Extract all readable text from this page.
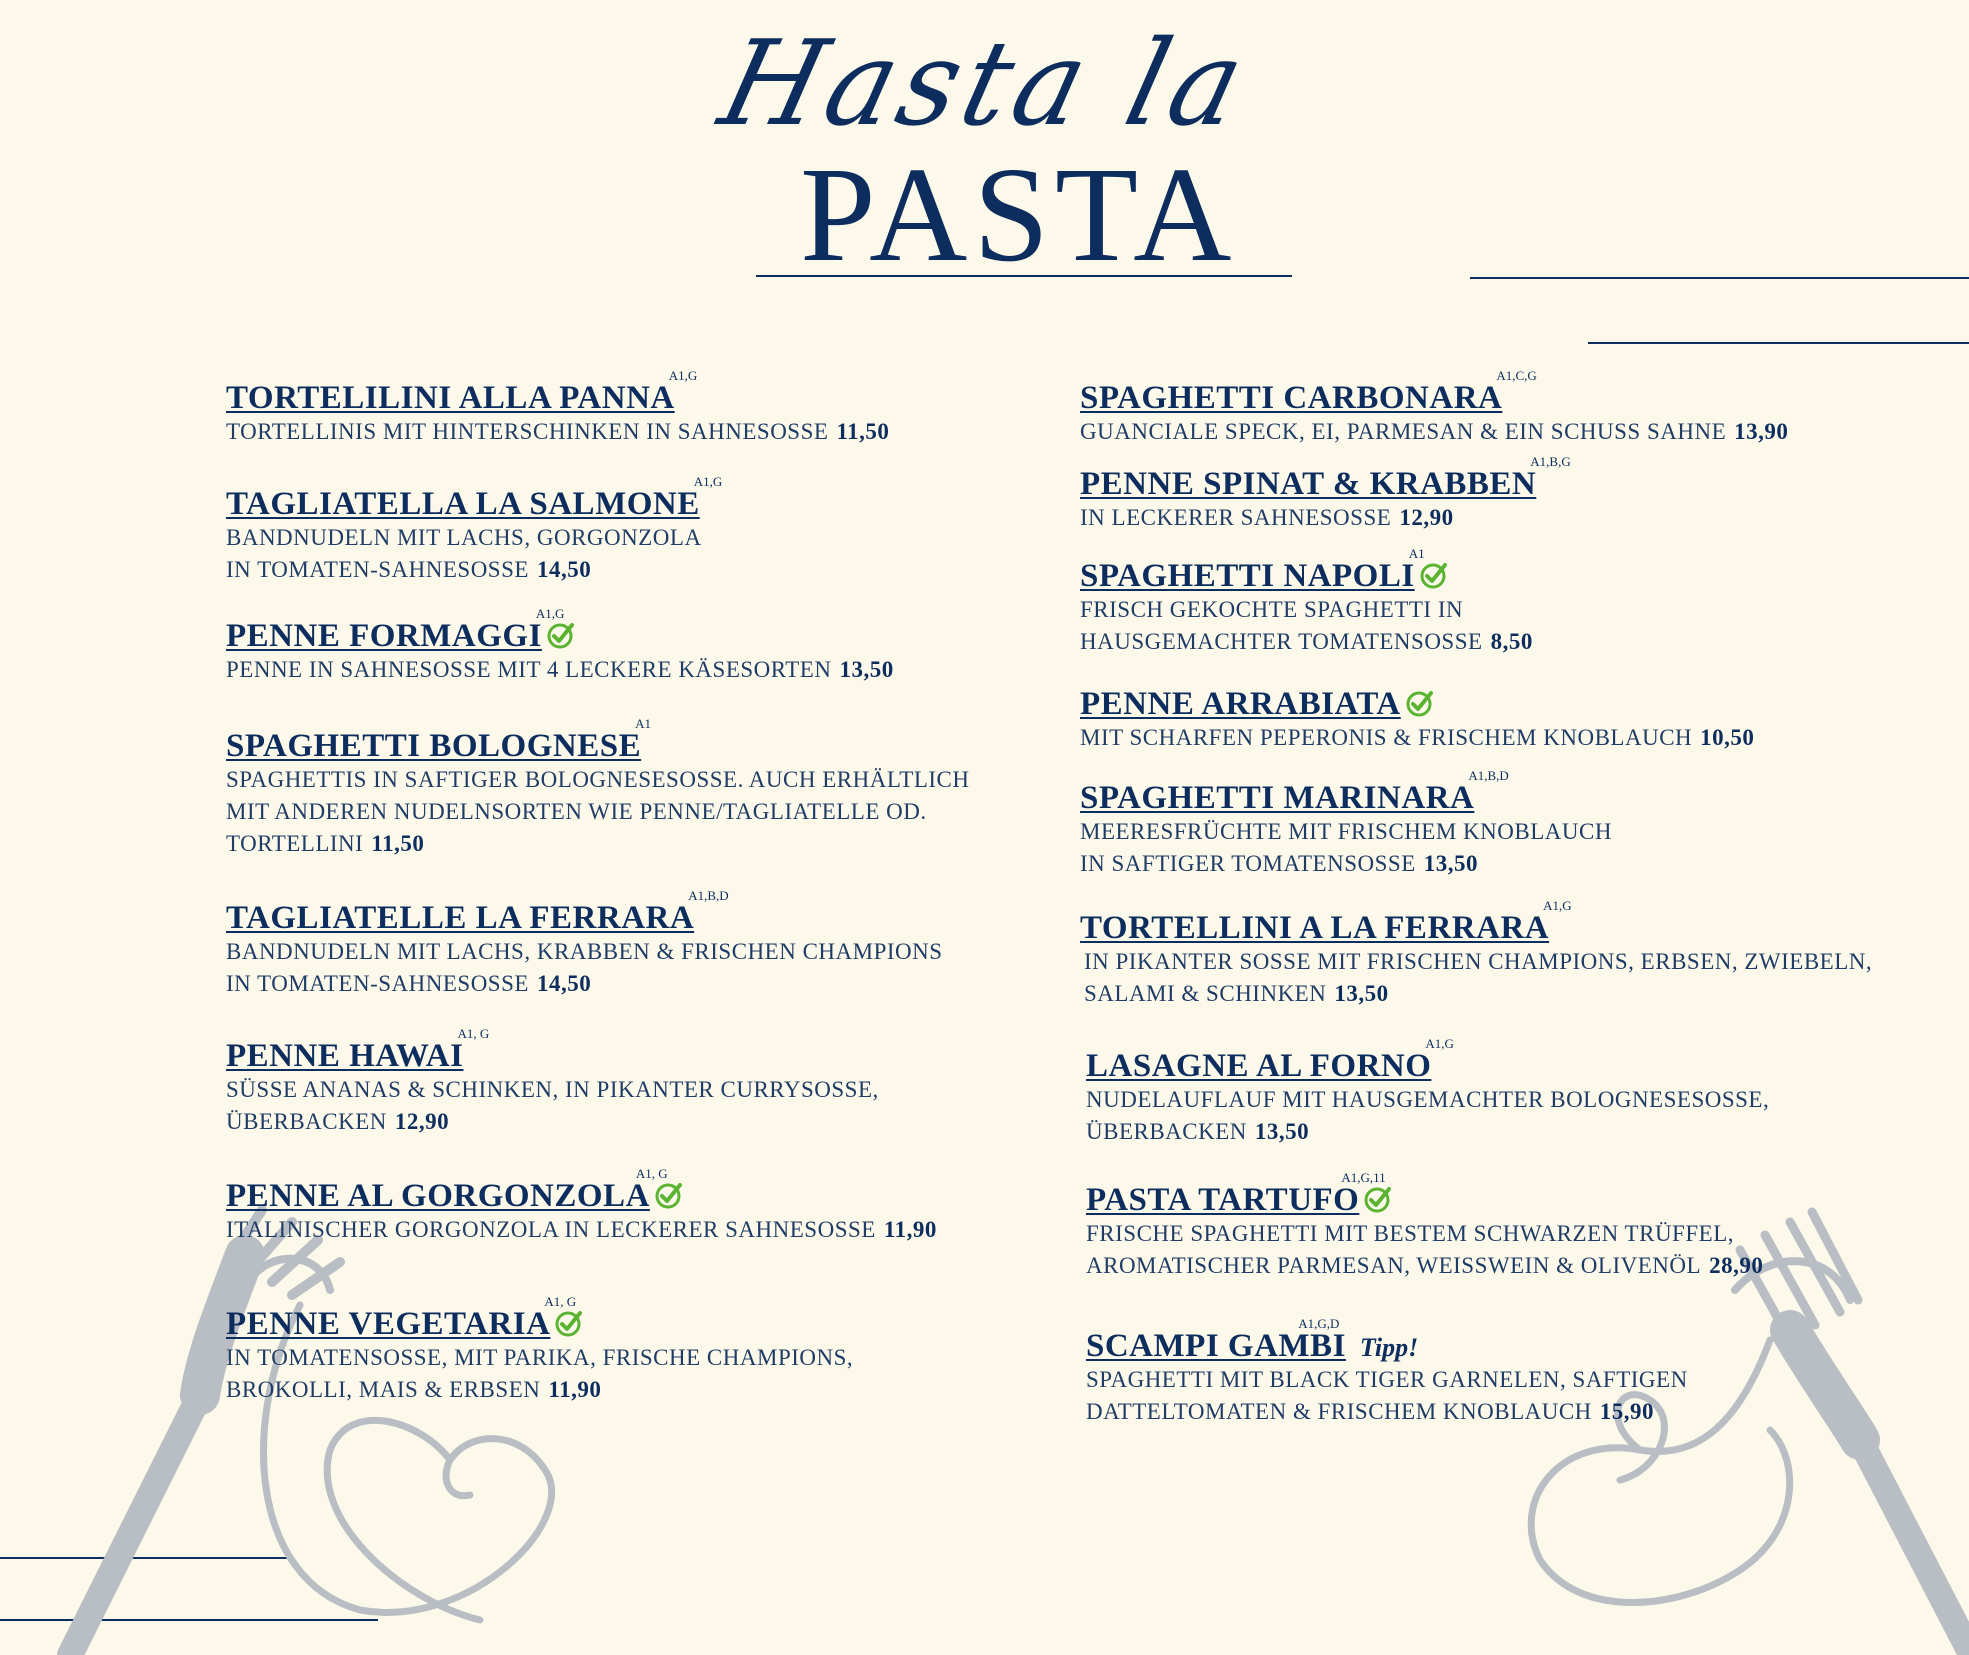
Hasta la
PASTA
TORTELILINI ALLA PANNAA1,G
TORTELLINIS MIT HINTERSCHINKEN IN SAHNESOSSE 11,50
TAGLIATELLA LA SALMONEA1,G
BANDNUDELN MIT LACHS, GORGONZOLA
IN TOMATEN-SAHNESOSSE 14,50
PENNE FORMAGGIA1,G
PENNE IN SAHNESOSSE MIT 4 LECKERE KÄSESORTEN 13,50
SPAGHETTI BOLOGNESEA1
SPAGHETTIS IN SAFTIGER BOLOGNESESOSSE. AUCH ERHÄLTLICH
MIT ANDEREN NUDELNSORTEN WIE PENNE/TAGLIATELLE OD.
TORTELLINI 11,50
TAGLIATELLE LA FERRARAA1,B,D
BANDNUDELN MIT LACHS, KRABBEN & FRISCHEN CHAMPIONS
IN TOMATEN-SAHNESOSSE 14,50
PENNE HAWAIA1, G
SÜSSE ANANAS & SCHINKEN, IN PIKANTER CURRYSOSSE,
ÜBERBACKEN 12,90
PENNE AL GORGONZOLAA1, G
ITALINISCHER GORGONZOLA IN LECKERER SAHNESOSSE 11,90
PENNE VEGETARIAA1, G
IN TOMATENSOSSE, MIT PARIKA, FRISCHE CHAMPIONS,
BROKOLLI, MAIS & ERBSEN 11,90
SPAGHETTI CARBONARAA1,C,G
GUANCIALE SPECK, EI, PARMESAN & EIN SCHUSS SAHNE 13,90
PENNE SPINAT & KRABBENA1,B,G
IN LECKERER SAHNESOSSE 12,90
SPAGHETTI NAPOLIA1
FRISCH GEKOCHTE SPAGHETTI IN
HAUSGEMACHTER TOMATENSOSSE 8,50
PENNE ARRABIATA
MIT SCHARFEN PEPERONIS & FRISCHEM KNOBLAUCH 10,50
SPAGHETTI MARINARAA1,B,D
MEERESFRÜCHTE MIT FRISCHEM KNOBLAUCH
IN SAFTIGER TOMATENSOSSE 13,50
TORTELLINI A LA FERRARAA1,G
IN PIKANTER SOSSE MIT FRISCHEN CHAMPIONS, ERBSEN, ZWIEBELN,
SALAMI & SCHINKEN 13,50
LASAGNE AL FORNOA1,G
NUDELAUFLAUF MIT HAUSGEMACHTER BOLOGNESESOSSE,
ÜBERBACKEN 13,50
PASTA TARTUFOA1,G,11
FRISCHE SPAGHETTI MIT BESTEM SCHWARZEN TRÜFFEL,
AROMATISCHER PARMESAN, WEISSWEIN & OLIVENÖL 28,90
SCAMPI GAMBI Tipp!A1,G,D
SPAGHETTI MIT BLACK TIGER GARNELEN, SAFTIGEN
DATTELTOMATEN & FRISCHEM KNOBLAUCH 15,90
